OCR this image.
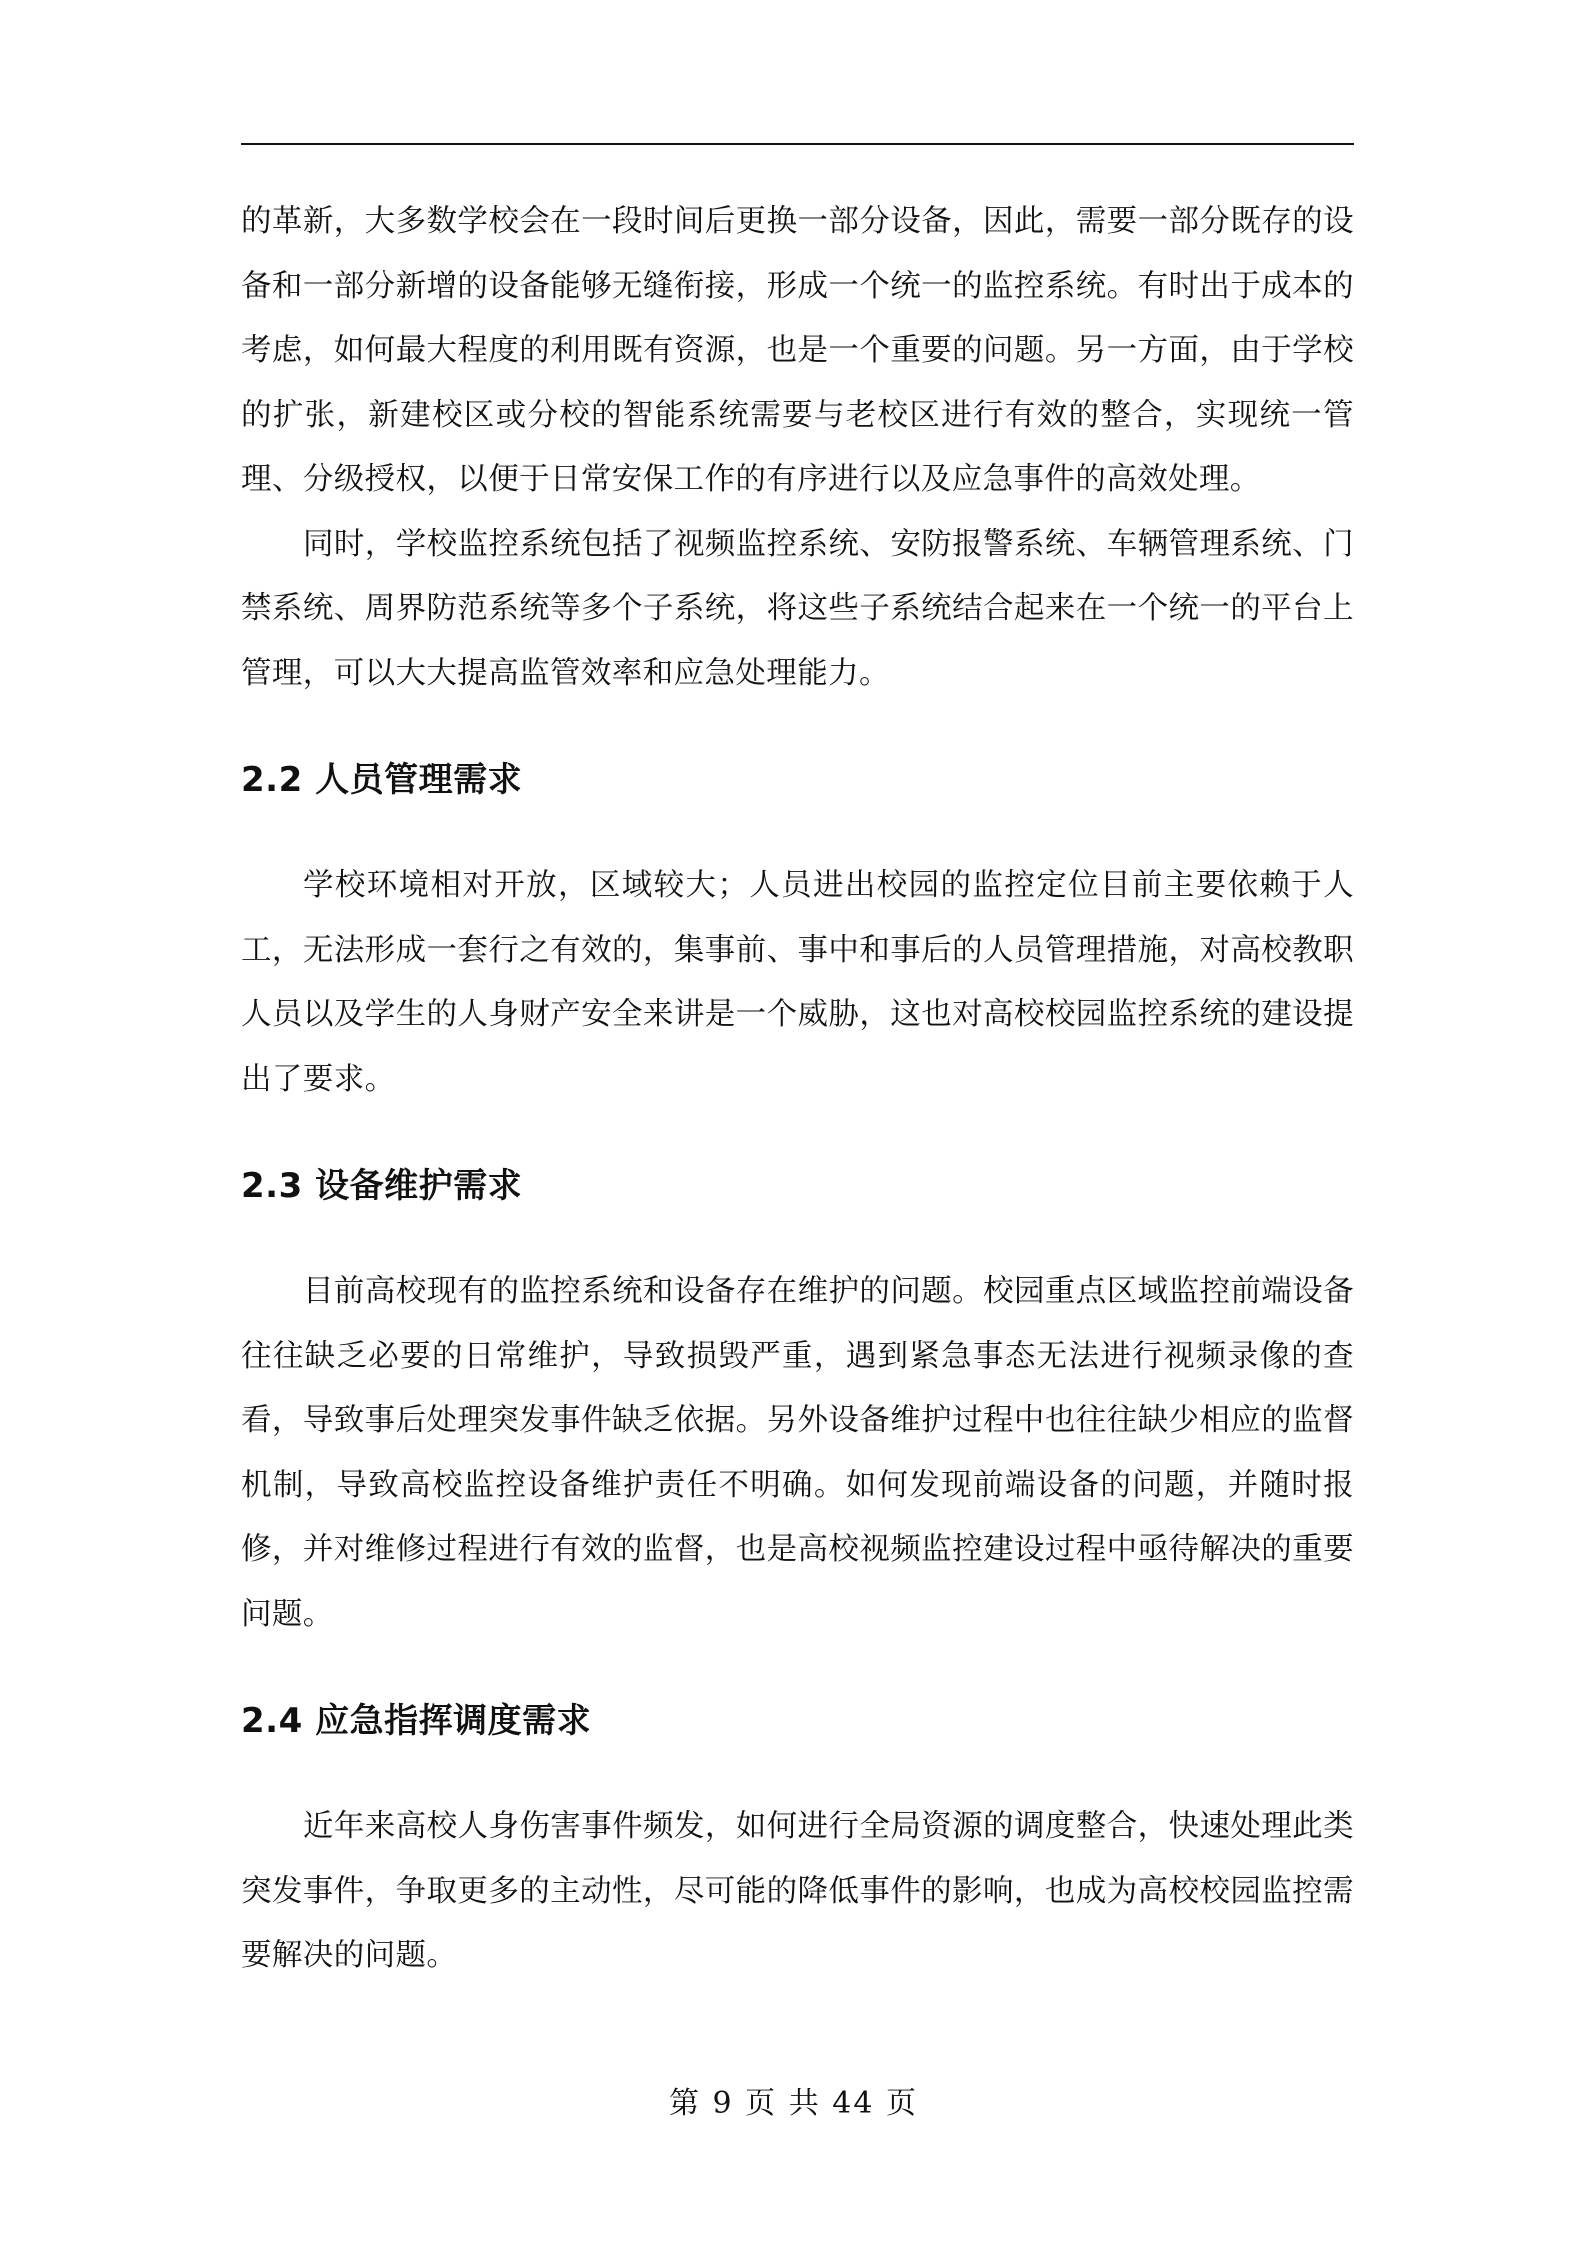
的革新，大多数学校会在一段时间后更换一部分设备，因此，需要一部分既存的设备和一部分新增的设备能够无缝衔接，形成一个统一的监控系统。有时出于成本的考虑，如何最大程度的利用既有资源，也是一个重要的问题。另一方面，由于学校的扩张，新建校区或分校的智能系统需要与老校区进行有效的整合，实现统一管理、分级授权，以便于日常安保工作的有序进行以及应急事件的高效处理。

同时，学校监控系统包括了视频监控系统、安防报警系统、车辆管理系统、门禁系统、周界防范系统等多个子系统，将这些子系统结合起来在一个统一的平台上管理，可以大大提高监管效率和应急处理能力。

2.2 人员管理需求

学校环境相对开放，区域较大；人员进出校园的监控定位目前主要依赖于人工，无法形成一套行之有效的，集事前、事中和事后的人员管理措施，对高校教职人员以及学生的人身财产安全来讲是一个威胁，这也对高校校园监控系统的建设提出了要求。

2.3 设备维护需求

目前高校现有的监控系统和设备存在维护的问题。校园重点区域监控前端设备往往缺乏必要的日常维护，导致损毁严重，遇到紧急事态无法进行视频录像的查看，导致事后处理突发事件缺乏依据。另外设备维护过程中也往往缺少相应的监督机制，导致高校监控设备维护责任不明确。如何发现前端设备的问题，并随时报修，并对维修过程进行有效的监督，也是高校视频监控建设过程中亟待解决的重要问题。

2.4 应急指挥调度需求

近年来高校人身伤害事件频发，如何进行全局资源的调度整合，快速处理此类突发事件，争取更多的主动性，尽可能的降低事件的影响，也成为高校校园监控需要解决的问题。

第 9 页 共 44 页
